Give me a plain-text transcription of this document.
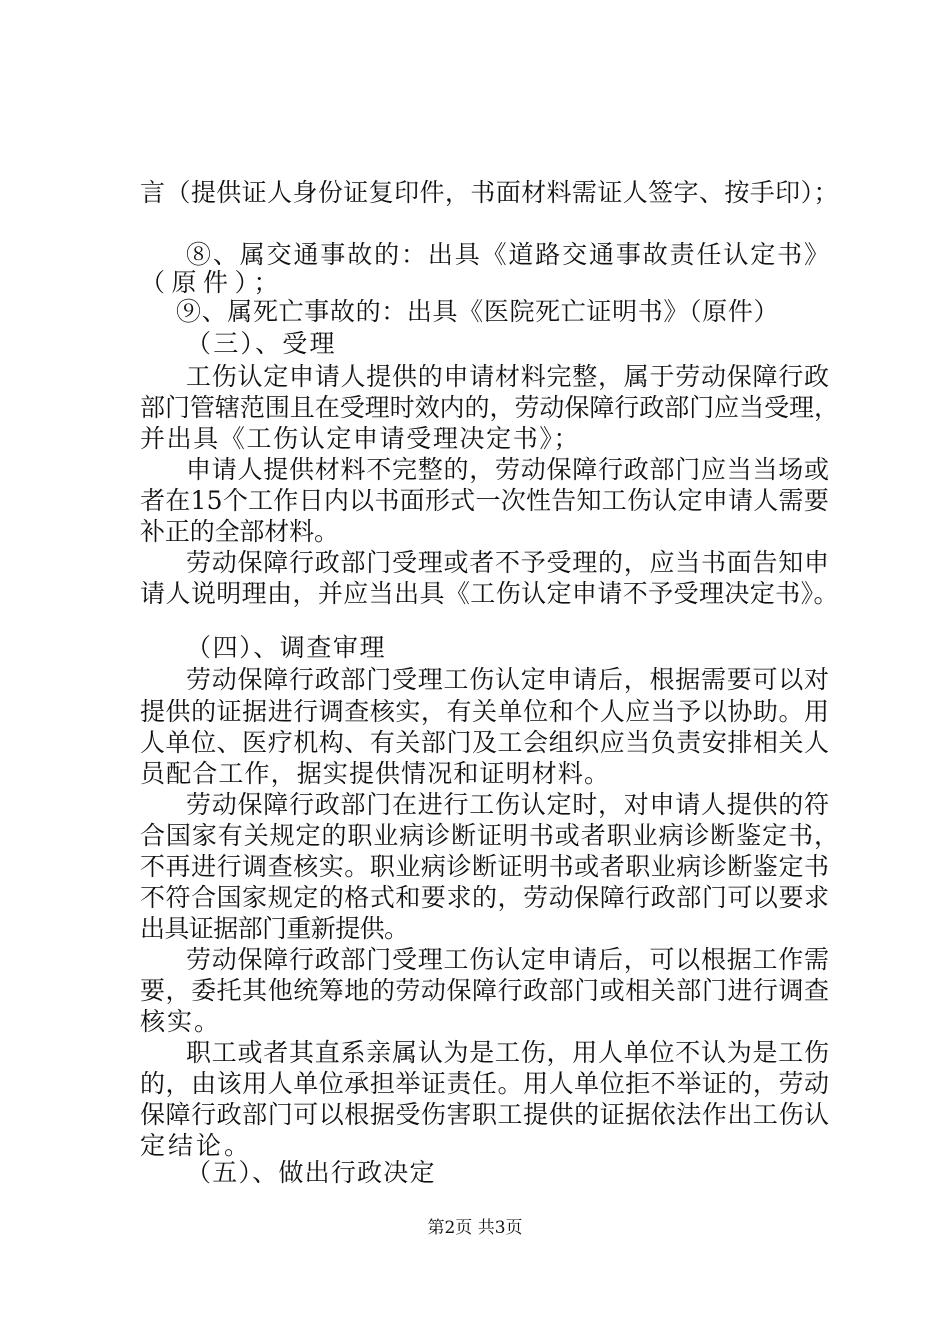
言（提供证人身份证复印件，书面材料需证人签字、按手印）；
⑧、属交通事故的：出具《道路交通事故责任认定书》
（原件）；
⑨、属死亡事故的：出具《医院死亡证明书》（原件）
（三）、受理
工伤认定申请人提供的申请材料完整，属于劳动保障行政
部门管辖范围且在受理时效内的，劳动保障行政部门应当受理，
并出具《工伤认定申请受理决定书》；
申请人提供材料不完整的，劳动保障行政部门应当当场或
者在15个工作日内以书面形式一次性告知工伤认定申请人需要
补正的全部材料。
劳动保障行政部门受理或者不予受理的，应当书面告知申
请人说明理由，并应当出具《工伤认定申请不予受理决定书》。
（四）、调查审理
劳动保障行政部门受理工伤认定申请后，根据需要可以对
提供的证据进行调查核实，有关单位和个人应当予以协助。用
人单位、医疗机构、有关部门及工会组织应当负责安排相关人
员配合工作，据实提供情况和证明材料。
劳动保障行政部门在进行工伤认定时，对申请人提供的符
合国家有关规定的职业病诊断证明书或者职业病诊断鉴定书，
不再进行调查核实。职业病诊断证明书或者职业病诊断鉴定书
不符合国家规定的格式和要求的，劳动保障行政部门可以要求
出具证据部门重新提供。
劳动保障行政部门受理工伤认定申请后，可以根据工作需
要，委托其他统筹地的劳动保障行政部门或相关部门进行调查
核实。
职工或者其直系亲属认为是工伤，用人单位不认为是工伤
的，由该用人单位承担举证责任。用人单位拒不举证的，劳动
保障行政部门可以根据受伤害职工提供的证据依法作出工伤认
定结论。
（五）、做出行政决定
第2页 共3页
